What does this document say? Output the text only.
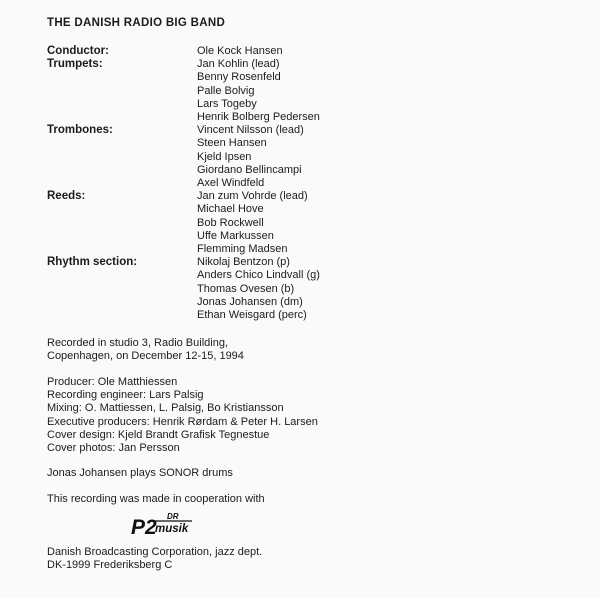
THE DANISH RADIO BIG BAND
Conductor:	Ole Kock Hansen
Trumpets:	Jan Kohlin (lead)
Benny Rosenfeld
Palle Bolvig
Lars Togeby
Henrik Bolberg Pedersen
Trombones:	Vincent Nilsson (lead)
Steen Hansen
Kjeld Ipsen
Giordano Bellincampi
Axel Windfeld
Reeds:	Jan zum Vohrde (lead)
Michael Hove
Bob Rockwell
Uffe Markussen
Flemming Madsen
Rhythm section:	Nikolaj Bentzon (p)
Anders Chico Lindvall (g)
Thomas Ovesen (b)
Jonas Johansen (dm)
Ethan Weisgard (perc)

Recorded in studio 3, Radio Building,

Copenhagen, on December 12-15, 1994

Producer: Ole Matthiessen

Recording engineer: Lars Palsig

Mixing: O. Mattiessen, L. Palsig, Bo Kristiansson

Executive producers: Henrik Rørdam & Peter H. Larsen

Cover design: Kjeld Brandt Grafisk Tegnestue

Cover photos: Jan Persson

Jonas Johansen plays SONOR drums

This recording was made in cooperation with

P2 DR
musik

Danish Broadcasting Corporation, jazz dept.

DK-1999 Frederiksberg C
